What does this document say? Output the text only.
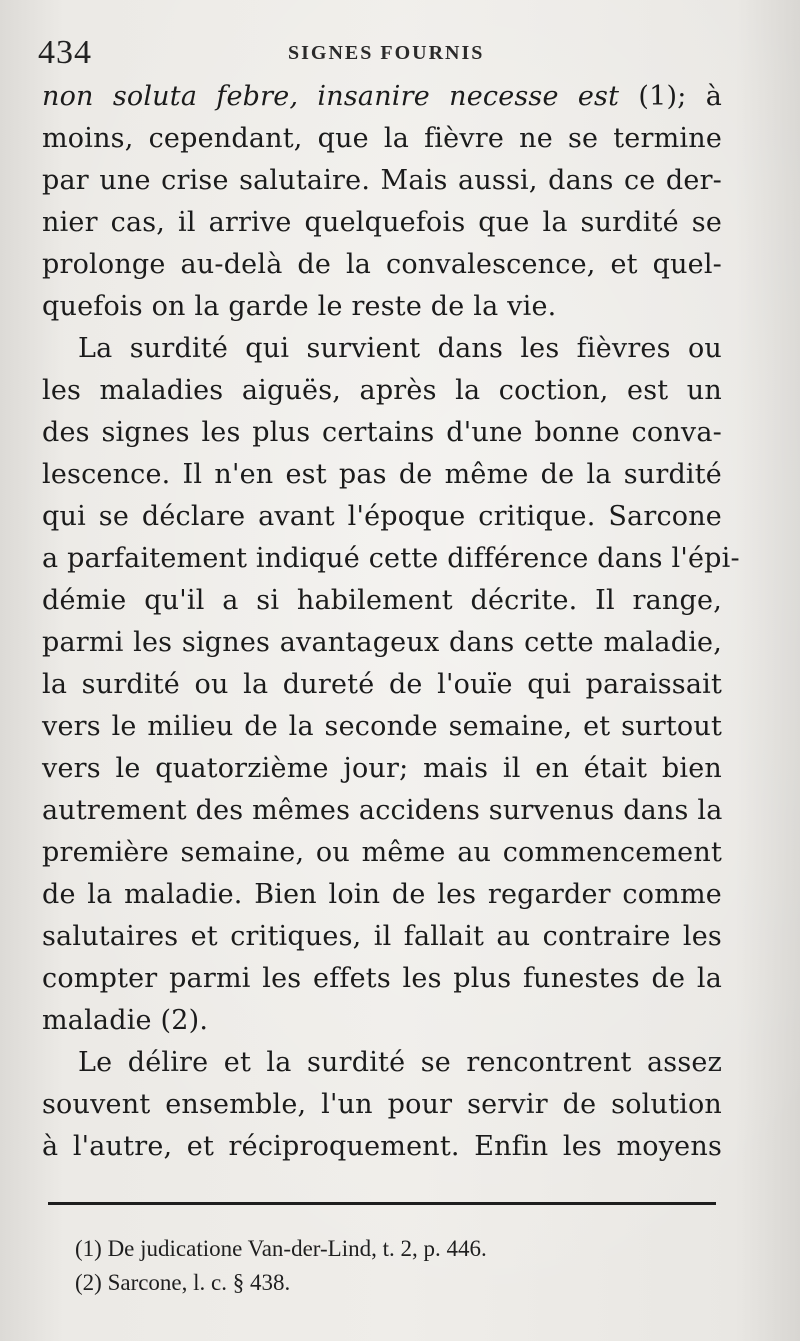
434	SIGNES FOURNIS
non soluta febre, insanire necesse est (1); à
moins, cependant, que la fièvre ne se termine
par une crise salutaire. Mais aussi, dans ce der-
nier cas, il arrive quelquefois que la surdité se
prolonge au-delà de la convalescence, et quel-
quefois on la garde le reste de la vie.
La surdité qui survient dans les fièvres ou
les maladies aiguës, après la coction, est un
des signes les plus certains d'une bonne conva-
lescence. Il n'en est pas de même de la surdité
qui se déclare avant l'époque critique. Sarcone
a parfaitement indiqué cette différence dans l'épi-
démie qu'il a si habilement décrite. Il range,
parmi les signes avantageux dans cette maladie,
la surdité ou la dureté de l'ouïe qui paraissait
vers le milieu de la seconde semaine, et surtout
vers le quatorzième jour; mais il en était bien
autrement des mêmes accidens survenus dans la
première semaine, ou même au commencement
de la maladie. Bien loin de les regarder comme
salutaires et critiques, il fallait au contraire les
compter parmi les effets les plus funestes de la
maladie (2).
Le délire et la surdité se rencontrent assez
souvent ensemble, l'un pour servir de solution
à l'autre, et réciproquement. Enfin les moyens
(1) De judicatione Van-der-Lind, t. 2, p. 446.
(2) Sarcone, l. c. § 438.
